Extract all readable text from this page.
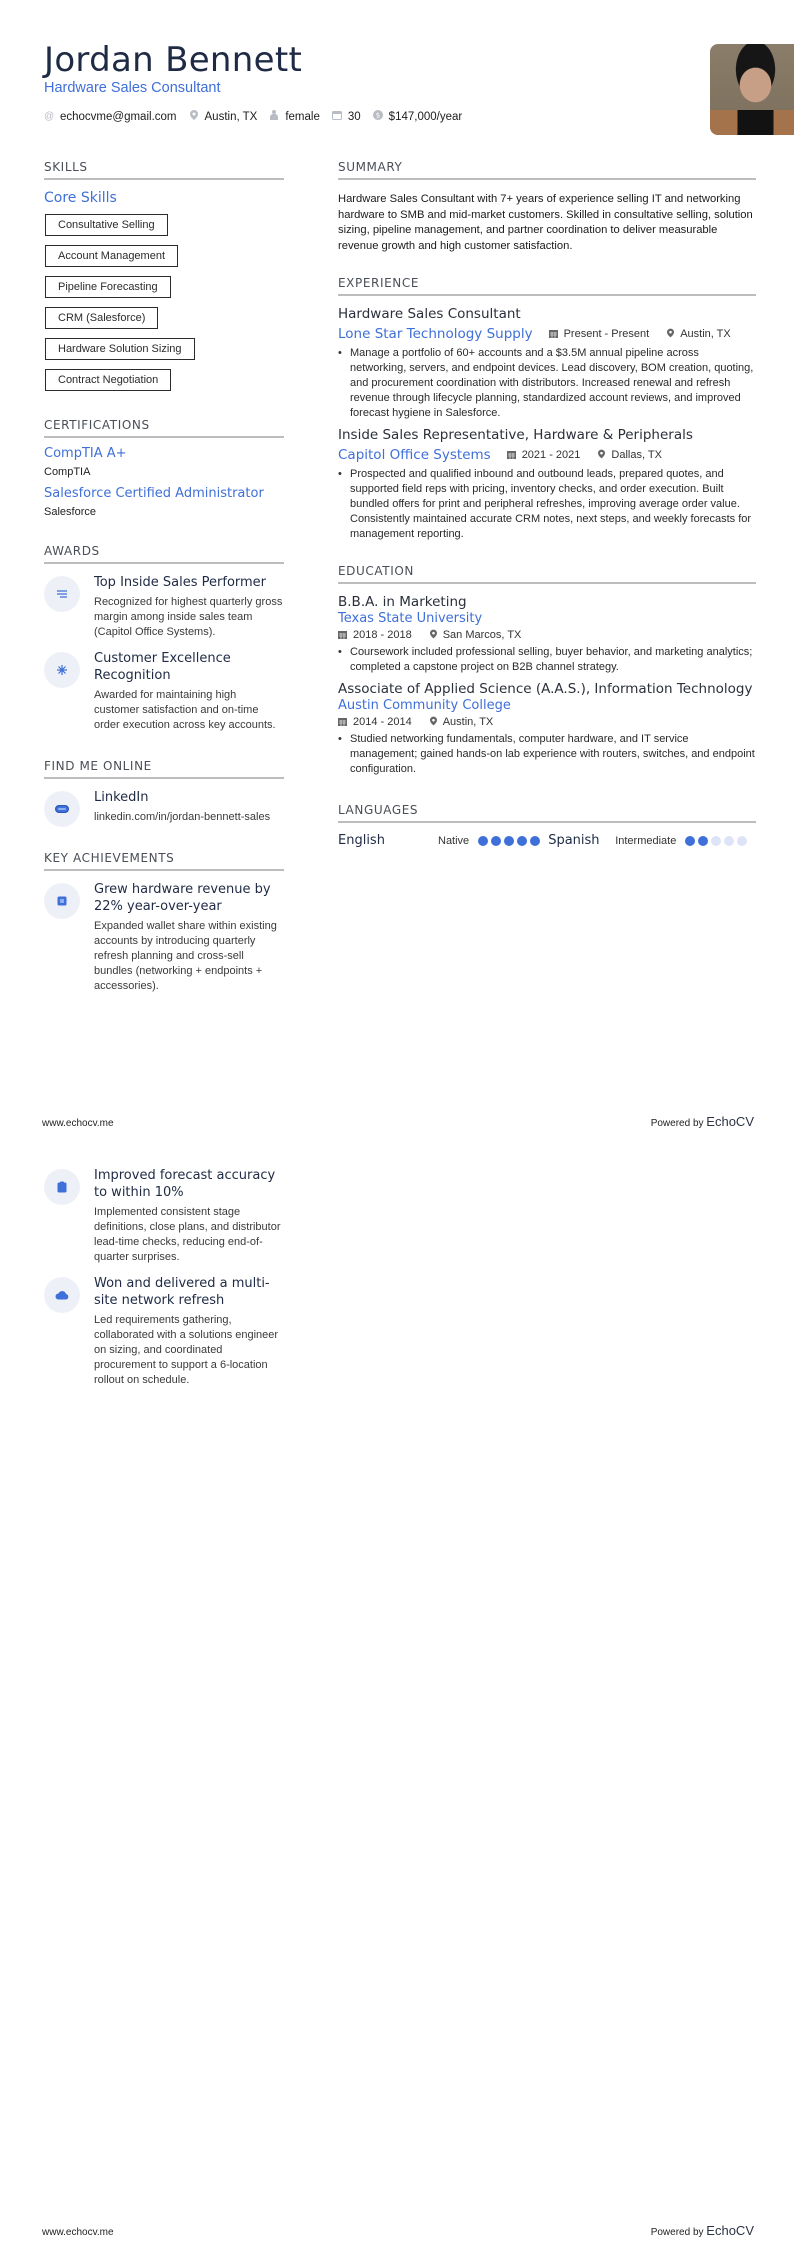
Jordan Bennett
Hardware Sales Consultant
@ echocvme@gmail.com Austin, TX female 30 $ $147,000/year
SKILLS
Core Skills
Consultative Selling
Account Management
Pipeline Forecasting
CRM (Salesforce)
Hardware Solution Sizing
Contract Negotiation
CERTIFICATIONS
CompTIA A+
CompTIA
Salesforce Certified Administrator
Salesforce
AWARDS
Top Inside Sales Performer
Recognized for highest quarterly gross margin among inside sales team (Capitol Office Systems).
Customer Excellence Recognition
Awarded for maintaining high customer satisfaction and on-time order execution across key accounts.
FIND ME ONLINE
LinkedIn
linkedin.com/in/jordan-bennett-sales
KEY ACHIEVEMENTS
Grew hardware revenue by 22% year-over-year
Expanded wallet share within existing accounts by introducing quarterly refresh planning and cross-sell bundles (networking + endpoints + accessories).
SUMMARY
Hardware Sales Consultant with 7+ years of experience selling IT and networking hardware to SMB and mid-market customers. Skilled in consultative selling, solution sizing, pipeline management, and partner coordination to deliver measurable revenue growth and high customer satisfaction.
EXPERIENCE
Hardware Sales Consultant
Lone Star Technology Supply	Present - Present	Austin, TX
• Manage a portfolio of 60+ accounts and a $3.5M annual pipeline across networking, servers, and endpoint devices. Lead discovery, BOM creation, quoting, and procurement coordination with distributors. Increased renewal and refresh revenue through lifecycle planning, standardized account reviews, and improved forecast hygiene in Salesforce.
Inside Sales Representative, Hardware & Peripherals
Capitol Office Systems	2021 - 2021	Dallas, TX
• Prospected and qualified inbound and outbound leads, prepared quotes, and supported field reps with pricing, inventory checks, and order execution. Built bundled offers for print and peripheral refreshes, improving average order value. Consistently maintained accurate CRM notes, next steps, and weekly forecasts for management reporting.
EDUCATION
B.B.A. in Marketing
Texas State University
2018 - 2018	San Marcos, TX
• Coursework included professional selling, buyer behavior, and marketing analytics; completed a capstone project on B2B channel strategy.
Associate of Applied Science (A.A.S.), Information Technology
Austin Community College
2014 - 2014	Austin, TX
• Studied networking fundamentals, computer hardware, and IT service management; gained hands-on lab experience with routers, switches, and endpoint configuration.
LANGUAGES
English	Native	Spanish	Intermediate
www.echocv.me	Powered by EchoCV
Improved forecast accuracy to within 10%
Implemented consistent stage definitions, close plans, and distributor lead-time checks, reducing end-of-quarter surprises.
Won and delivered a multi-site network refresh
Led requirements gathering, collaborated with a solutions engineer on sizing, and coordinated procurement to support a 6-location rollout on schedule.
www.echocv.me	Powered by EchoCV
